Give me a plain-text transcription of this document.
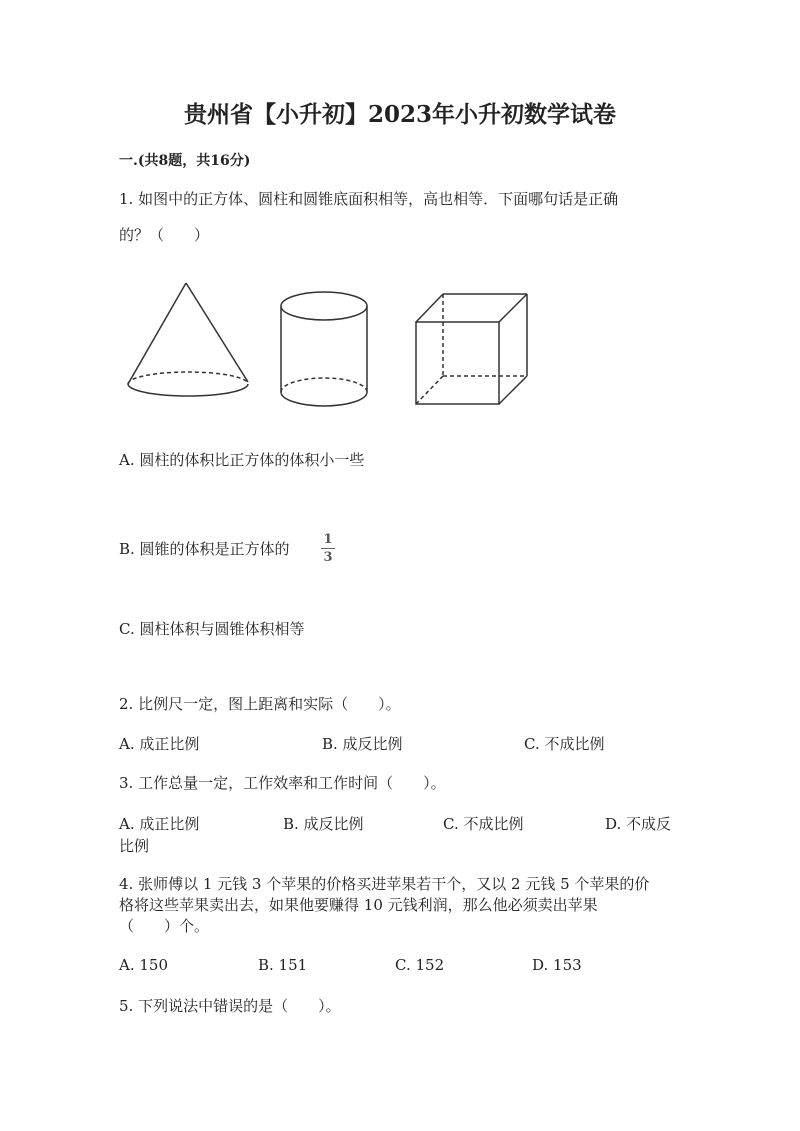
贵州省【小升初】2023年小升初数学试卷
一.(共8题，共16分)
1. 如图中的正方体、圆柱和圆锥底面积相等，高也相等．下面哪句话是正确
的？（　　）
A. 圆柱的体积比正方体的体积小一些
B. 圆锥的体积是正方体的
1
3
C. 圆柱体积与圆锥体积相等
2. 比例尺一定，图上距离和实际（　　）。
A. 成正比例	B. 成反比例	C. 不成比例
3. 工作总量一定，工作效率和工作时间（　　）。
A. 成正比例	B. 成反比例	C. 不成比例	D. 不成反
比例
4. 张师傅以 1 元钱 3 个苹果的价格买进苹果若干个，又以 2 元钱 5 个苹果的价
格将这些苹果卖出去，如果他要赚得 10 元钱利润，那么他必须卖出苹果
（　　）个。
A. 150	B. 151	C. 152	D. 153
5. 下列说法中错误的是（　　）。
